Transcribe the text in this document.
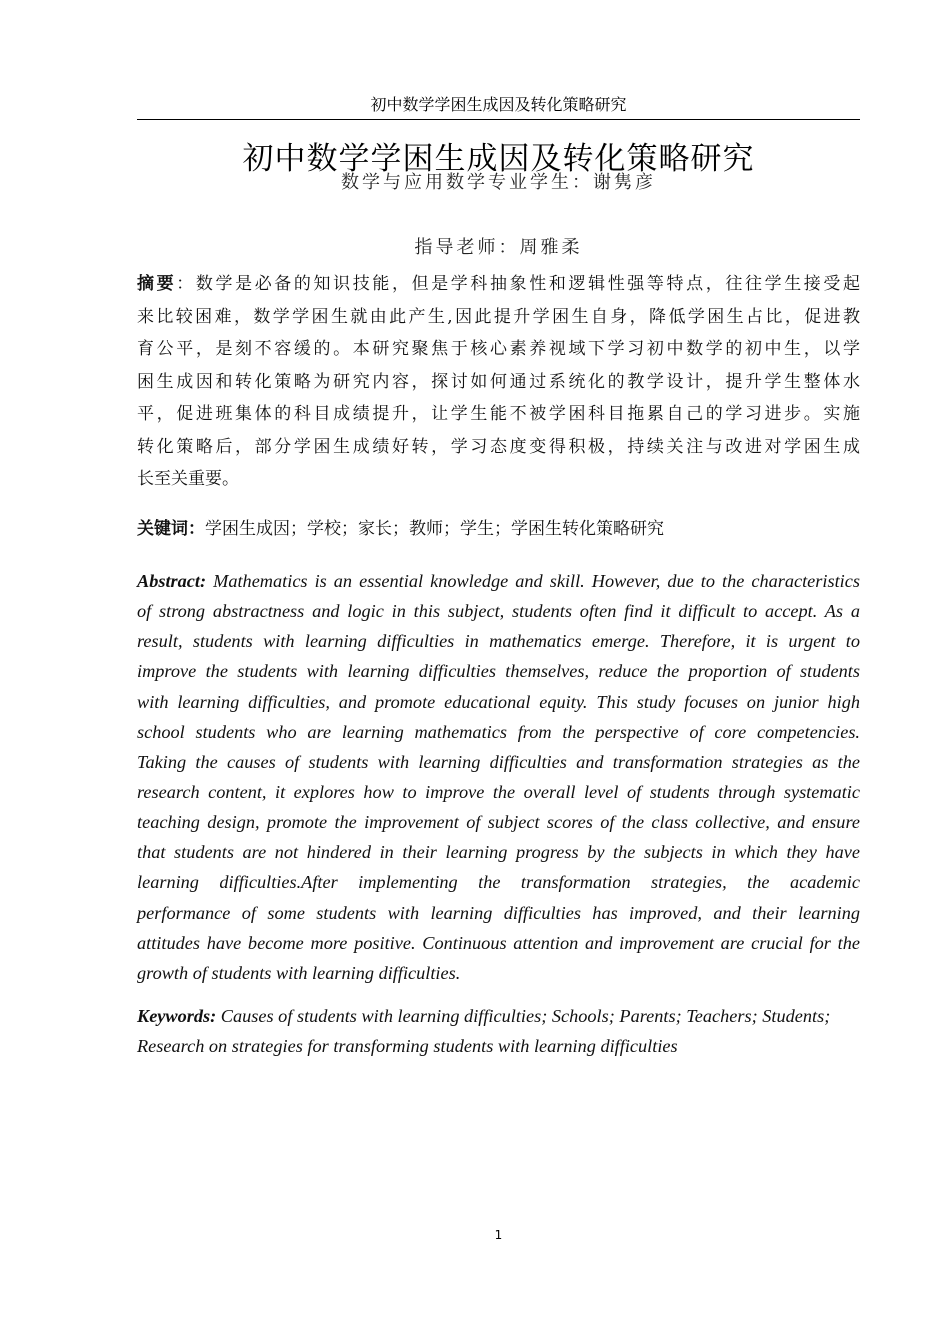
初中数学学困生成因及转化策略研究
初中数学学困生成因及转化策略研究
数学与应用数学专业学生：谢隽彦
指导老师：周雅柔
摘要：数学是必备的知识技能，但是学科抽象性和逻辑性强等特点，往往学生接受起
来比较困难，数学学困生就由此产生,因此提升学困生自身，降低学困生占比，促进教
育公平，是刻不容缓的。本研究聚焦于核心素养视域下学习初中数学的初中生，以学
困生成因和转化策略为研究内容，探讨如何通过系统化的教学设计，提升学生整体水
平，促进班集体的科目成绩提升，让学生能不被学困科目拖累自己的学习进步。实施
转化策略后，部分学困生成绩好转，学习态度变得积极，持续关注与改进对学困生成
长至关重要。
关键词：学困生成因；学校；家长；教师；学生；学困生转化策略研究
Abstract: Mathematics is an essential knowledge and skill. However, due to the characteristics
of strong abstractness and logic in this subject, students often find it difficult to accept. As a
result, students with learning difficulties in mathematics emerge. Therefore, it is urgent to
improve the students with learning difficulties themselves, reduce the proportion of students
with learning difficulties, and promote educational equity. This study focuses on junior high
school students who are learning mathematics from the perspective of core competencies.
Taking the causes of students with learning difficulties and transformation strategies as the
research content, it explores how to improve the overall level of students through systematic
teaching design, promote the improvement of subject scores of the class collective, and ensure
that students are not hindered in their learning progress by the subjects in which they have
learning difficulties.After implementing the transformation strategies, the academic
performance of some students with learning difficulties has improved, and their learning
attitudes have become more positive. Continuous attention and improvement are crucial for the
growth of students with learning difficulties.
Keywords: Causes of students with learning difficulties; Schools; Parents; Teachers; Students;
Research on strategies for transforming students with learning difficulties
1
